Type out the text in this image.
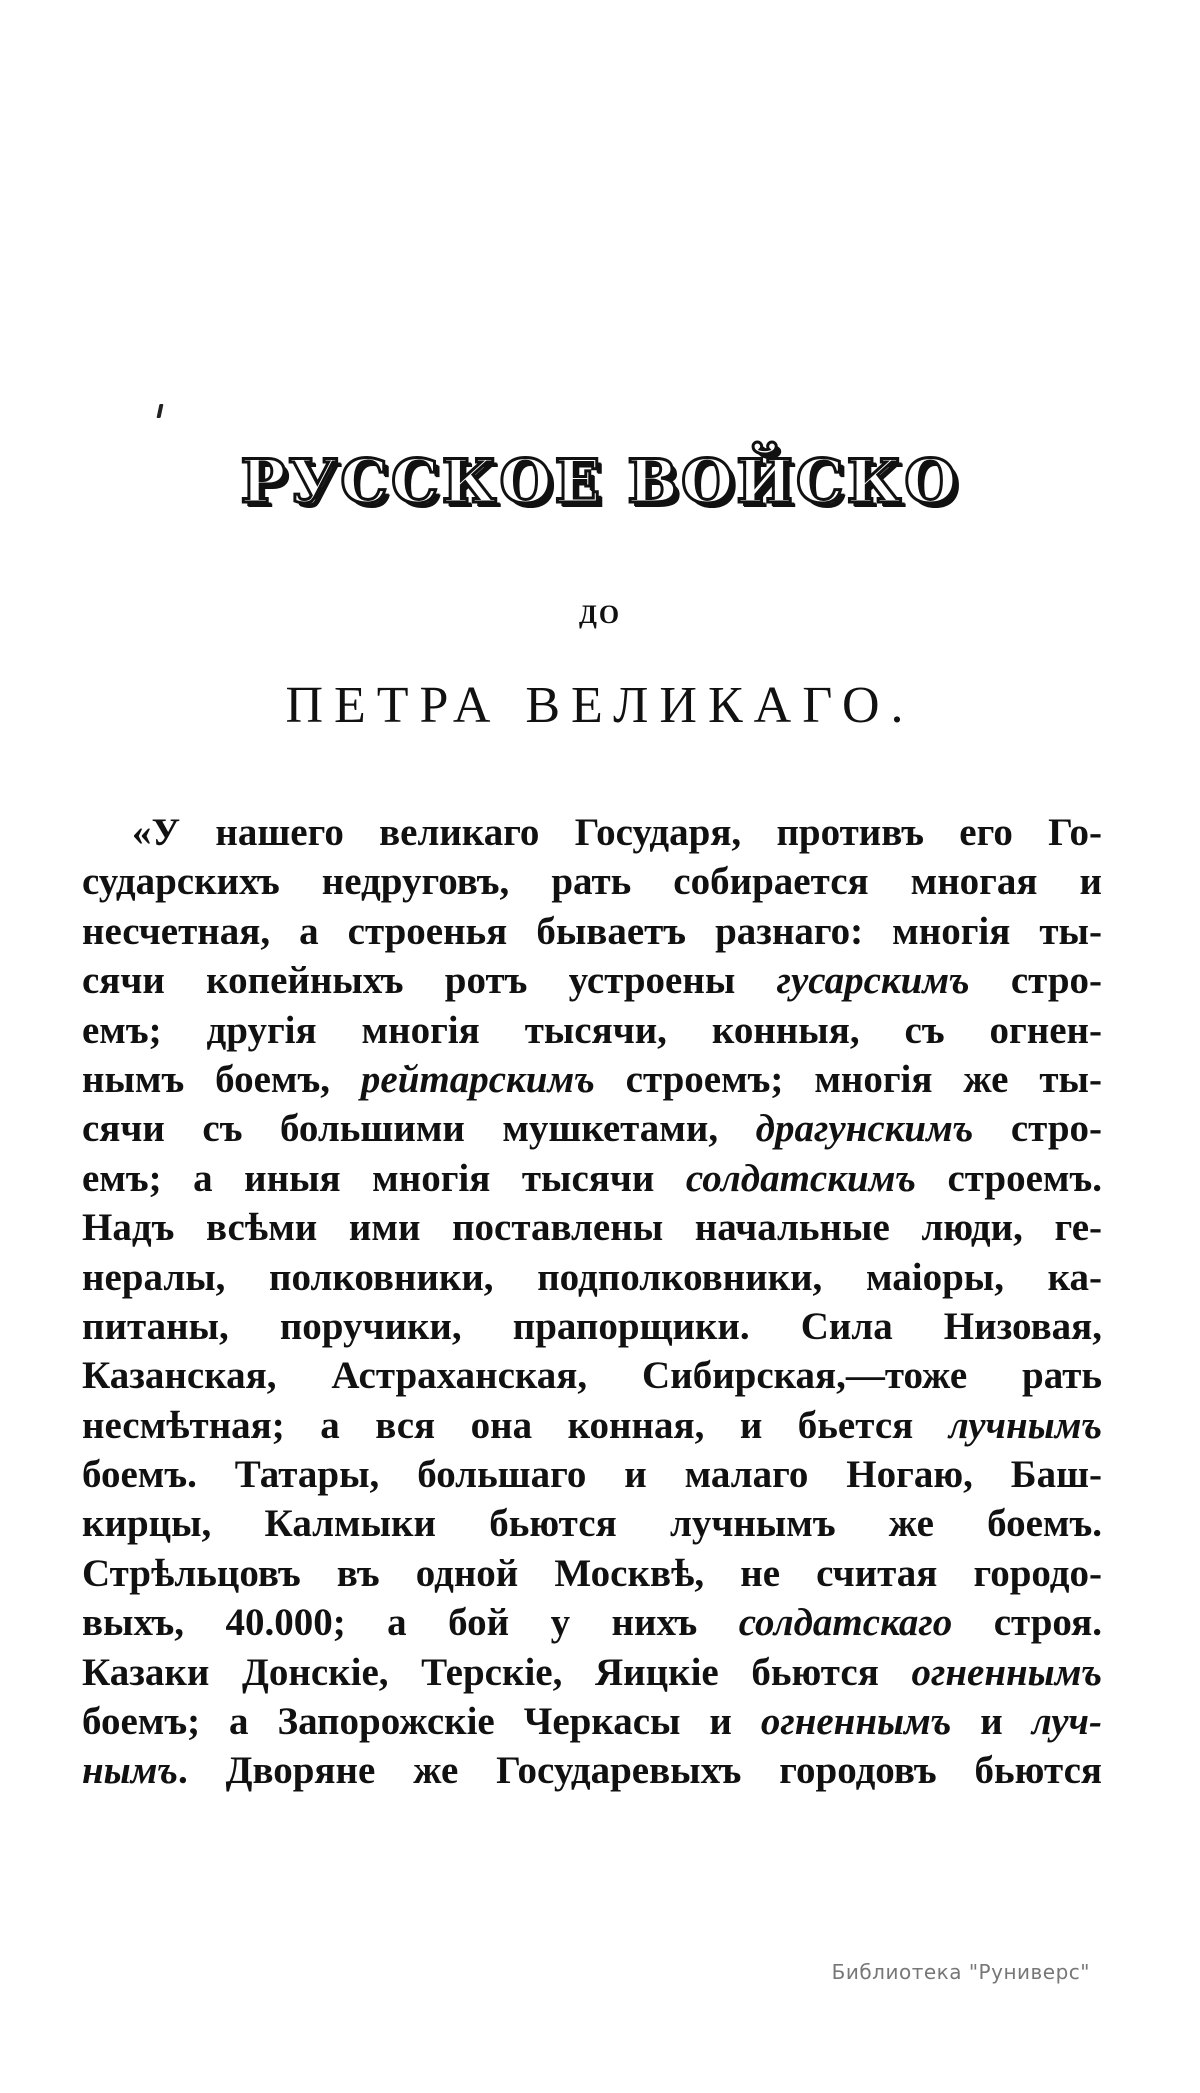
РУССКОЕ ВОЙСКО
ДО
ПЕТРА ВЕЛИКАГО.
«У нашего великаго Государя, противъ его Го-
сударскихъ недруговъ, рать собирается многая и
несчетная, а строенья бываетъ разнаго: многія ты-
сячи копейныхъ ротъ устроены гусарскимъ стро-
емъ; другія многія тысячи, конныя, съ огнен-
нымъ боемъ, рейтарскимъ строемъ; многія же ты-
сячи съ большими мушкетами, драгунскимъ стро-
емъ; а иныя многія тысячи солдатскимъ строемъ.
Надъ всѣми ими поставлены начальные люди, ге-
нералы, полковники, подполковники, маіоры, ка-
питаны, поручики, прапорщики. Сила Низовая,
Казанская, Астраханская, Сибирская,—тоже рать
несмѣтная; а вся она конная, и бьется лучнымъ
боемъ. Татары, большаго и малаго Ногаю, Баш-
кирцы, Калмыки бьются лучнымъ же боемъ.
Стрѣльцовъ въ одной Москвѣ, не считая городо-
выхъ, 40.000; а бой у нихъ солдатскаго строя.
Казаки Донскіе, Терскіе, Яицкіе бьются огненнымъ
боемъ; а Запорожскіе Черкасы и огненнымъ и луч-
нымъ. Дворяне же Государевыхъ городовъ бьются
Библиотека "Руниверс"
